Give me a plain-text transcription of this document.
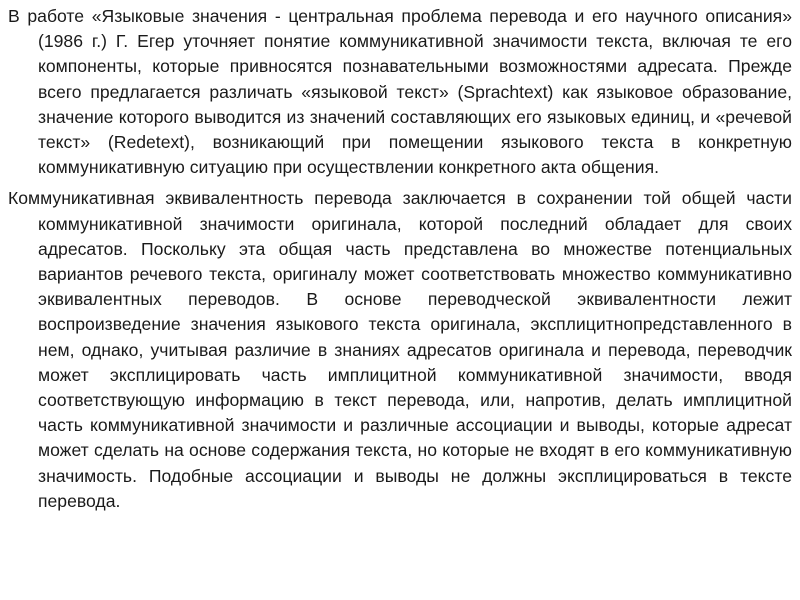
В работе «Языковые значения - центральная проблема перевода и его научного описания» (1986 г.) Г. Егер уточняет понятие коммуникативной значимости текста, включая те его компоненты, которые привносятся познавательными возможностями адресата. Прежде всего предлагается различать «языковой текст» (Sprachtext) как языковое образование, значение которого выводится из значений составляющих его языковых единиц, и «речевой текст» (Redetext), возникающий при помещении языкового текста в конкретную коммуникативную ситуацию при осуществлении конкретного акта общения.

Коммуникативная эквивалентность перевода заключается в сохранении той общей части коммуникативной значимости оригинала, которой последний обладает для своих адресатов. Поскольку эта общая часть представлена во множестве потенциальных вариантов речевого текста, оригиналу может соответствовать множество коммуникативно эквивалентных переводов. В основе переводческой эквивалентности лежит воспроизведение значения языкового текста оригинала, эксплицитнопредставленного в нем, однако, учитывая различие в знаниях адресатов оригинала и перевода, переводчик может эксплицировать часть имплицитной коммуникативной значимости, вводя соответствующую информацию в текст перевода, или, напротив, делать имплицитной часть коммуникативной значимости и различные ассоциации и выводы, которые адресат может сделать на основе содержания текста, но которые не входят в его коммуникативную значимость. Подобные ассоциации и выводы не должны эксплицироваться в тексте перевода.
